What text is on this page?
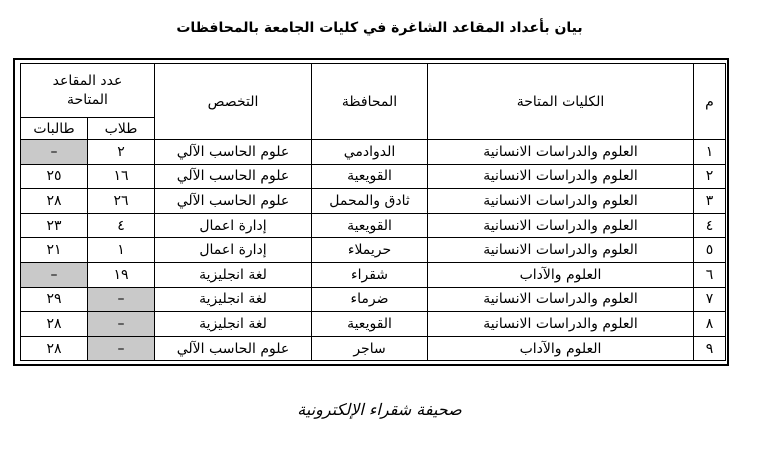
بيان بأعداد المقاعد الشاغرة في كليات الجامعة بالمحافظات
م	الكليات المتاحة	المحافظة	التخصص	عدد المقاعد المتاحة	
				طلاب	طالبات
١	العلوم والدراسات الانسانية	الدوادمي	علوم الحاسب الآلي	٢	–
٢	العلوم والدراسات الانسانية	القويعية	علوم الحاسب الآلي	١٦	٢٥
٣	العلوم والدراسات الانسانية	ثادق والمحمل	علوم الحاسب الآلي	٢٦	٢٨
٤	العلوم والدراسات الانسانية	القويعية	إدارة اعمال	٤	٢٣
٥	العلوم والدراسات الانسانية	حريملاء	إدارة اعمال	١	٢١
٦	العلوم والآداب	شقراء	لغة انجليزية	١٩	–
٧	العلوم والدراسات الانسانية	ضرماء	لغة انجليزية	–	٢٩
٨	العلوم والدراسات الانسانية	القويعية	لغة انجليزية	–	٢٨
٩	العلوم والآداب	ساجر	علوم الحاسب الآلي	–	٢٨
صحيفة شقراء الإلكترونية
